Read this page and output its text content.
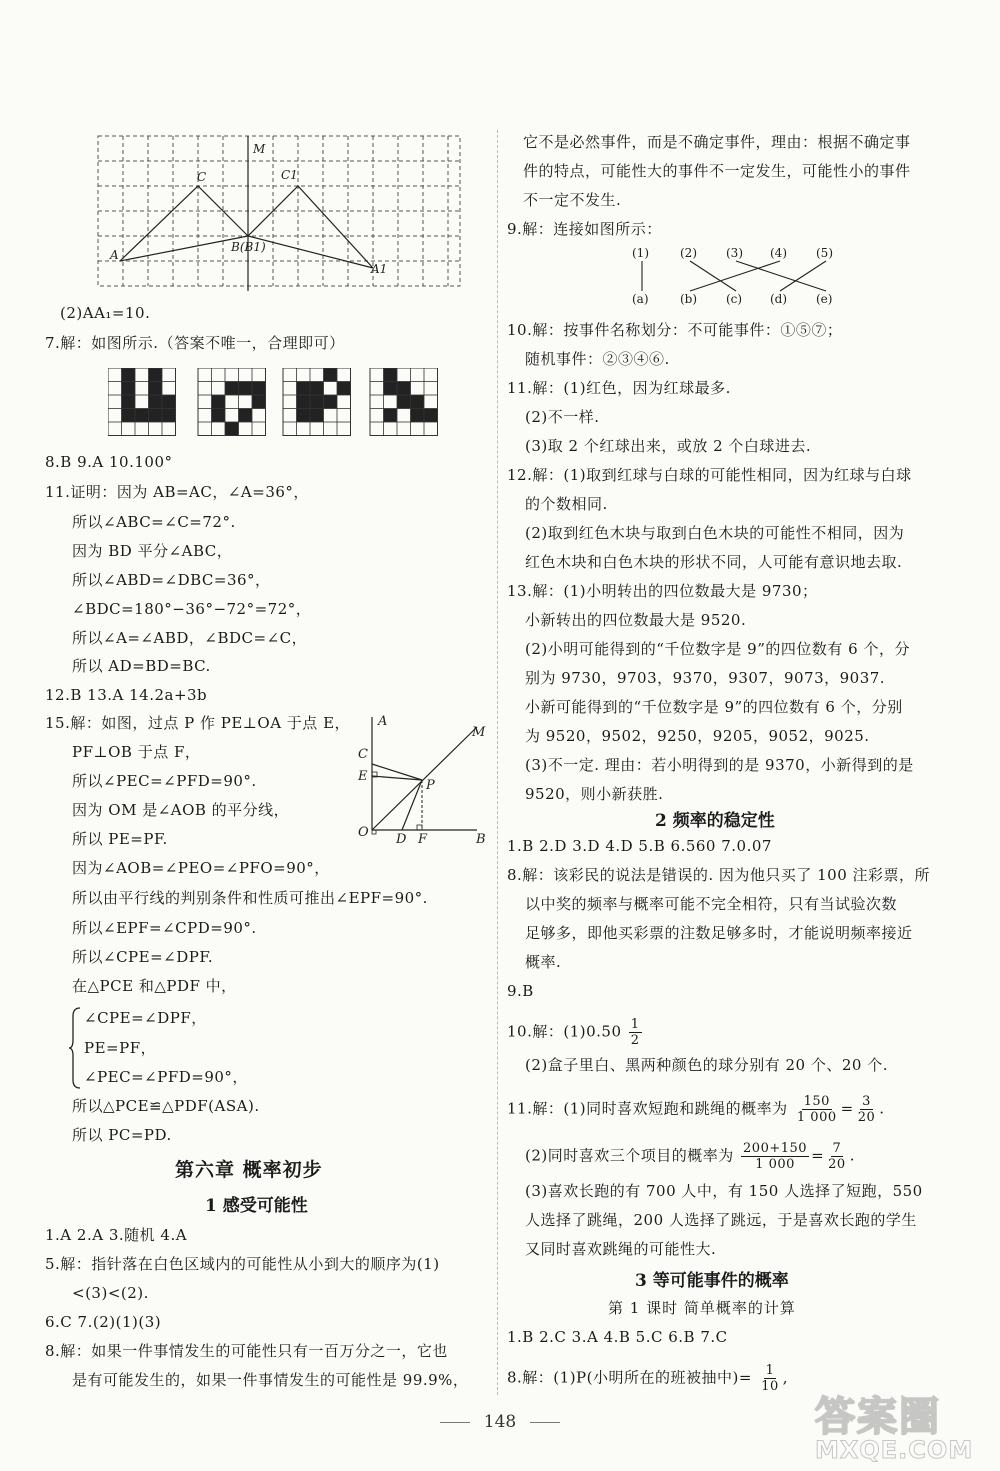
M
C	C1
A
B(B1)
A1
(2)AA₁=10.
7.解：如图所示.（答案不唯一，合理即可）
8.B 9.A 10.100°
11.证明：因为 AB=AC，∠A=36°，
所以∠ABC=∠C=72°.
因为 BD 平分∠ABC，
所以∠ABD=∠DBC=36°，
∠BDC=180°−36°−72°=72°，
所以∠A=∠ABD，∠BDC=∠C，
所以 AD=BD=BC.
12.B 13.A 14.2a+3b
15.解：如图，过点 P 作 PE⊥OA 于点 E，
PF⊥OB 于点 F，
所以∠PEC=∠PFD=90°.
因为 OM 是∠AOB 的平分线，
所以 PE=PF.
因为∠AOB=∠PEO=∠PFO=90°，
所以由平行线的判别条件和性质可推出∠EPF=90°.
所以∠EPF=∠CPD=90°.
所以∠CPE=∠DPF.
在△PCE 和△PDF 中，
∠CPE=∠DPF，
PE=PF，
∠PEC=∠PFD=90°，
所以△PCE≌△PDF(ASA).
所以 PC=PD.
A
M
C
E
P
O D F	B
第六章 概率初步
1 感受可能性
1.A 2.A 3.随机 4.A
5.解：指针落在白色区域内的可能性从小到大的顺序为(1)
<(3)<(2).
6.C 7.(2)(1)(3)
8.解：如果一件事情发生的可能性只有一百万分之一，它也
是有可能发生的，如果一件事情发生的可能性是 99.9%，
它不是必然事件，而是不确定事件，理由：根据不确定事
件的特点，可能性大的事件不一定发生，可能性小的事件
不一定不发生.
9.解：连接如图所示：
(1)	(2) (3) (4) (5)
(a)	(b) (c) (d) (e)
10.解：按事件名称划分：不可能事件：①⑤⑦；
随机事件：②③④⑥.
11.解：(1)红色，因为红球最多.
(2)不一样.
(3)取 2 个红球出来，或放 2 个白球进去.
12.解：(1)取到红球与白球的可能性相同，因为红球与白球
的个数相同.
(2)取到红色木块与取到白色木块的可能性不相同，因为
红色木块和白色木块的形状不同，人可能有意识地去取.
13.解：(1)小明转出的四位数最大是 9730；
小新转出的四位数最大是 9520.
(2)小明可能得到的“千位数字是 9”的四位数有 6 个，分
别为 9730，9703，9370，9307，9073，9037.
小新可能得到的“千位数字是 9”的四位数有 6 个，分别
为 9520，9502，9250，9205，9052，9025.
(3)不一定. 理由：若小明得到的是 9370，小新得到的是
9520，则小新获胜.
2 频率的稳定性
1.B 2.D 3.D 4.D 5.B 6.560 7.0.07
8.解：该彩民的说法是错误的. 因为他只买了 100 注彩票，所
以中奖的频率与概率可能不完全相符，只有当试验次数
足够多，即他买彩票的注数足够多时，才能说明频率接近
概率.
9.B
10.解：$(1)0.50 \frac{1}{2}$
(2)盒子里白、黑两种颜色的球分别有 20 个、20 个.
11.解：(1)同时喜欢短跑和跳绳的概率为 $\frac{150}{1 000} = \frac{3}{20}$ .
(2)同时喜欢三个项目的概率为 $\frac{200+150}{1 000} = \frac{7}{20}$ .
(3)喜欢长跑的有 700 人中，有 150 人选择了短跑，550
人选择了跳绳，200 人选择了跳远，于是喜欢长跑的学生
又同时喜欢跳绳的可能性大.
3 等可能事件的概率
第 1 课时 简单概率的计算
1.B 2.C 3.A 4.B 5.C 6.B 7.C
8.解：(1)P(小明所在的班被抽中)= $\frac{1}{10}$ ,
148	答案圈
MXQE.COM
